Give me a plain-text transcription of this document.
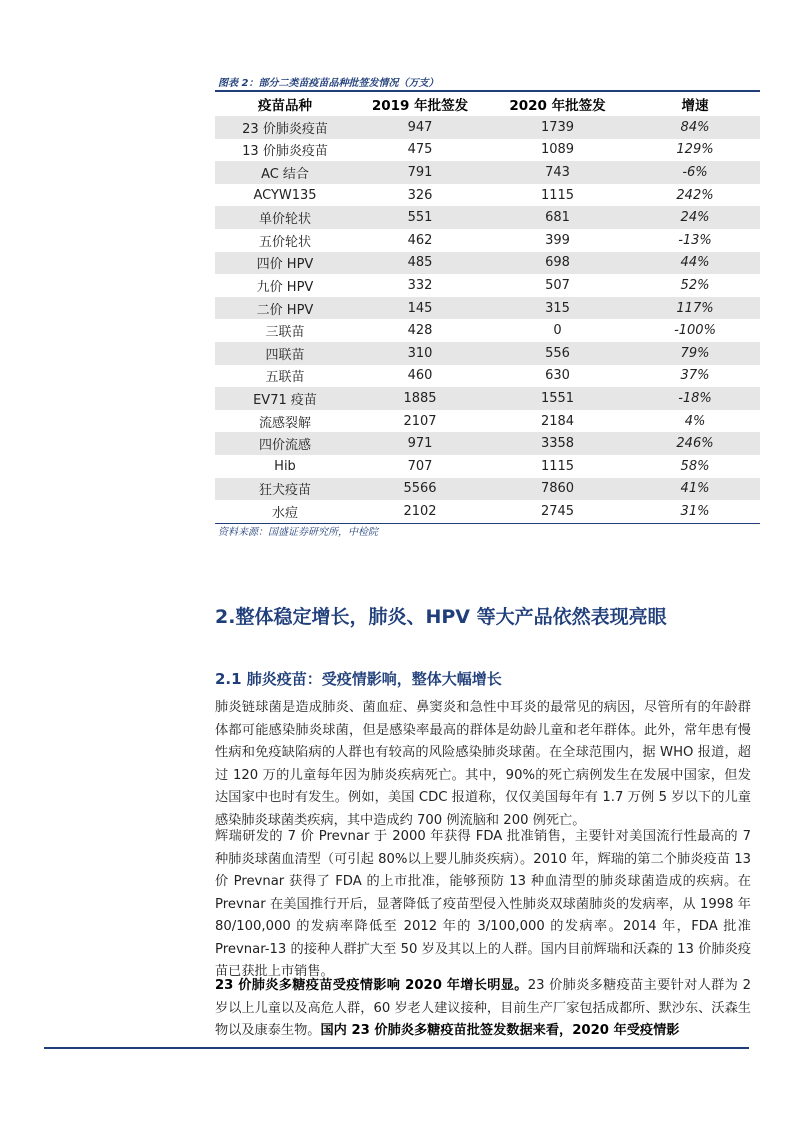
图表 2：部分二类苗疫苗品种批签发情况（万支）
疫苗品种	2019 年批签发	2020 年批签发	增速
23 价肺炎疫苗	947	1739	84%
13 价肺炎疫苗	475	1089	129%
AC 结合	791	743	-6%
ACYW135	326	1115	242%
单价轮状	551	681	24%
五价轮状	462	399	-13%
四价 HPV	485	698	44%
九价 HPV	332	507	52%
二价 HPV	145	315	117%
三联苗	428	0	-100%
四联苗	310	556	79%
五联苗	460	630	37%
EV71 疫苗	1885	1551	-18%
流感裂解	2107	2184	4%
四价流感	971	3358	246%
Hib	707	1115	58%
狂犬疫苗	5566	7860	41%
水痘	2102	2745	31%
资料来源：国盛证券研究所，中检院
2.整体稳定增长，肺炎、HPV 等大产品依然表现亮眼
2.1 肺炎疫苗：受疫情影响，整体大幅增长

肺炎链球菌是造成肺炎、菌血症、鼻窦炎和急性中耳炎的最常见的病因，尽管所有的年龄群体都可能感染肺炎球菌，但是感染率最高的群体是幼龄儿童和老年群体。此外，常年患有慢性病和免疫缺陷病的人群也有较高的风险感染肺炎球菌。在全球范围内，据 WHO 报道，超过 120 万的儿童每年因为肺炎疾病死亡。其中，90%的死亡病例发生在发展中国家，但发达国家中也时有发生。例如，美国 CDC 报道称，仅仅美国每年有 1.7 万例 5 岁以下的儿童感染肺炎球菌类疾病，其中造成约 700 例流脑和 200 例死亡。

辉瑞研发的 7 价 Prevnar 于 2000 年获得 FDA 批准销售，主要针对美国流行性最高的 7 种肺炎球菌血清型（可引起 80%以上婴儿肺炎疾病）。2010 年，辉瑞的第二个肺炎疫苗 13 价 Prevnar 获得了 FDA 的上市批准，能够预防 13 种血清型的肺炎球菌造成的疾病。在 Prevnar 在美国推行开后，显著降低了疫苗型侵入性肺炎双球菌肺炎的发病率，从 1998 年 80/100,000 的发病率降低至 2012 年的 3/100,000 的发病率。2014 年，FDA 批准 Prevnar-13 的接种人群扩大至 50 岁及其以上的人群。国内目前辉瑞和沃森的 13 价肺炎疫苗已获批上市销售。

23 价肺炎多糖疫苗受疫情影响 2020 年增长明显。23 价肺炎多糖疫苗主要针对人群为 2 岁以上儿童以及高危人群，60 岁老人建议接种，目前生产厂家包括成都所、默沙东、沃森生物以及康泰生物。国内 23 价肺炎多糖疫苗批签发数据来看，2020 年受疫情影
